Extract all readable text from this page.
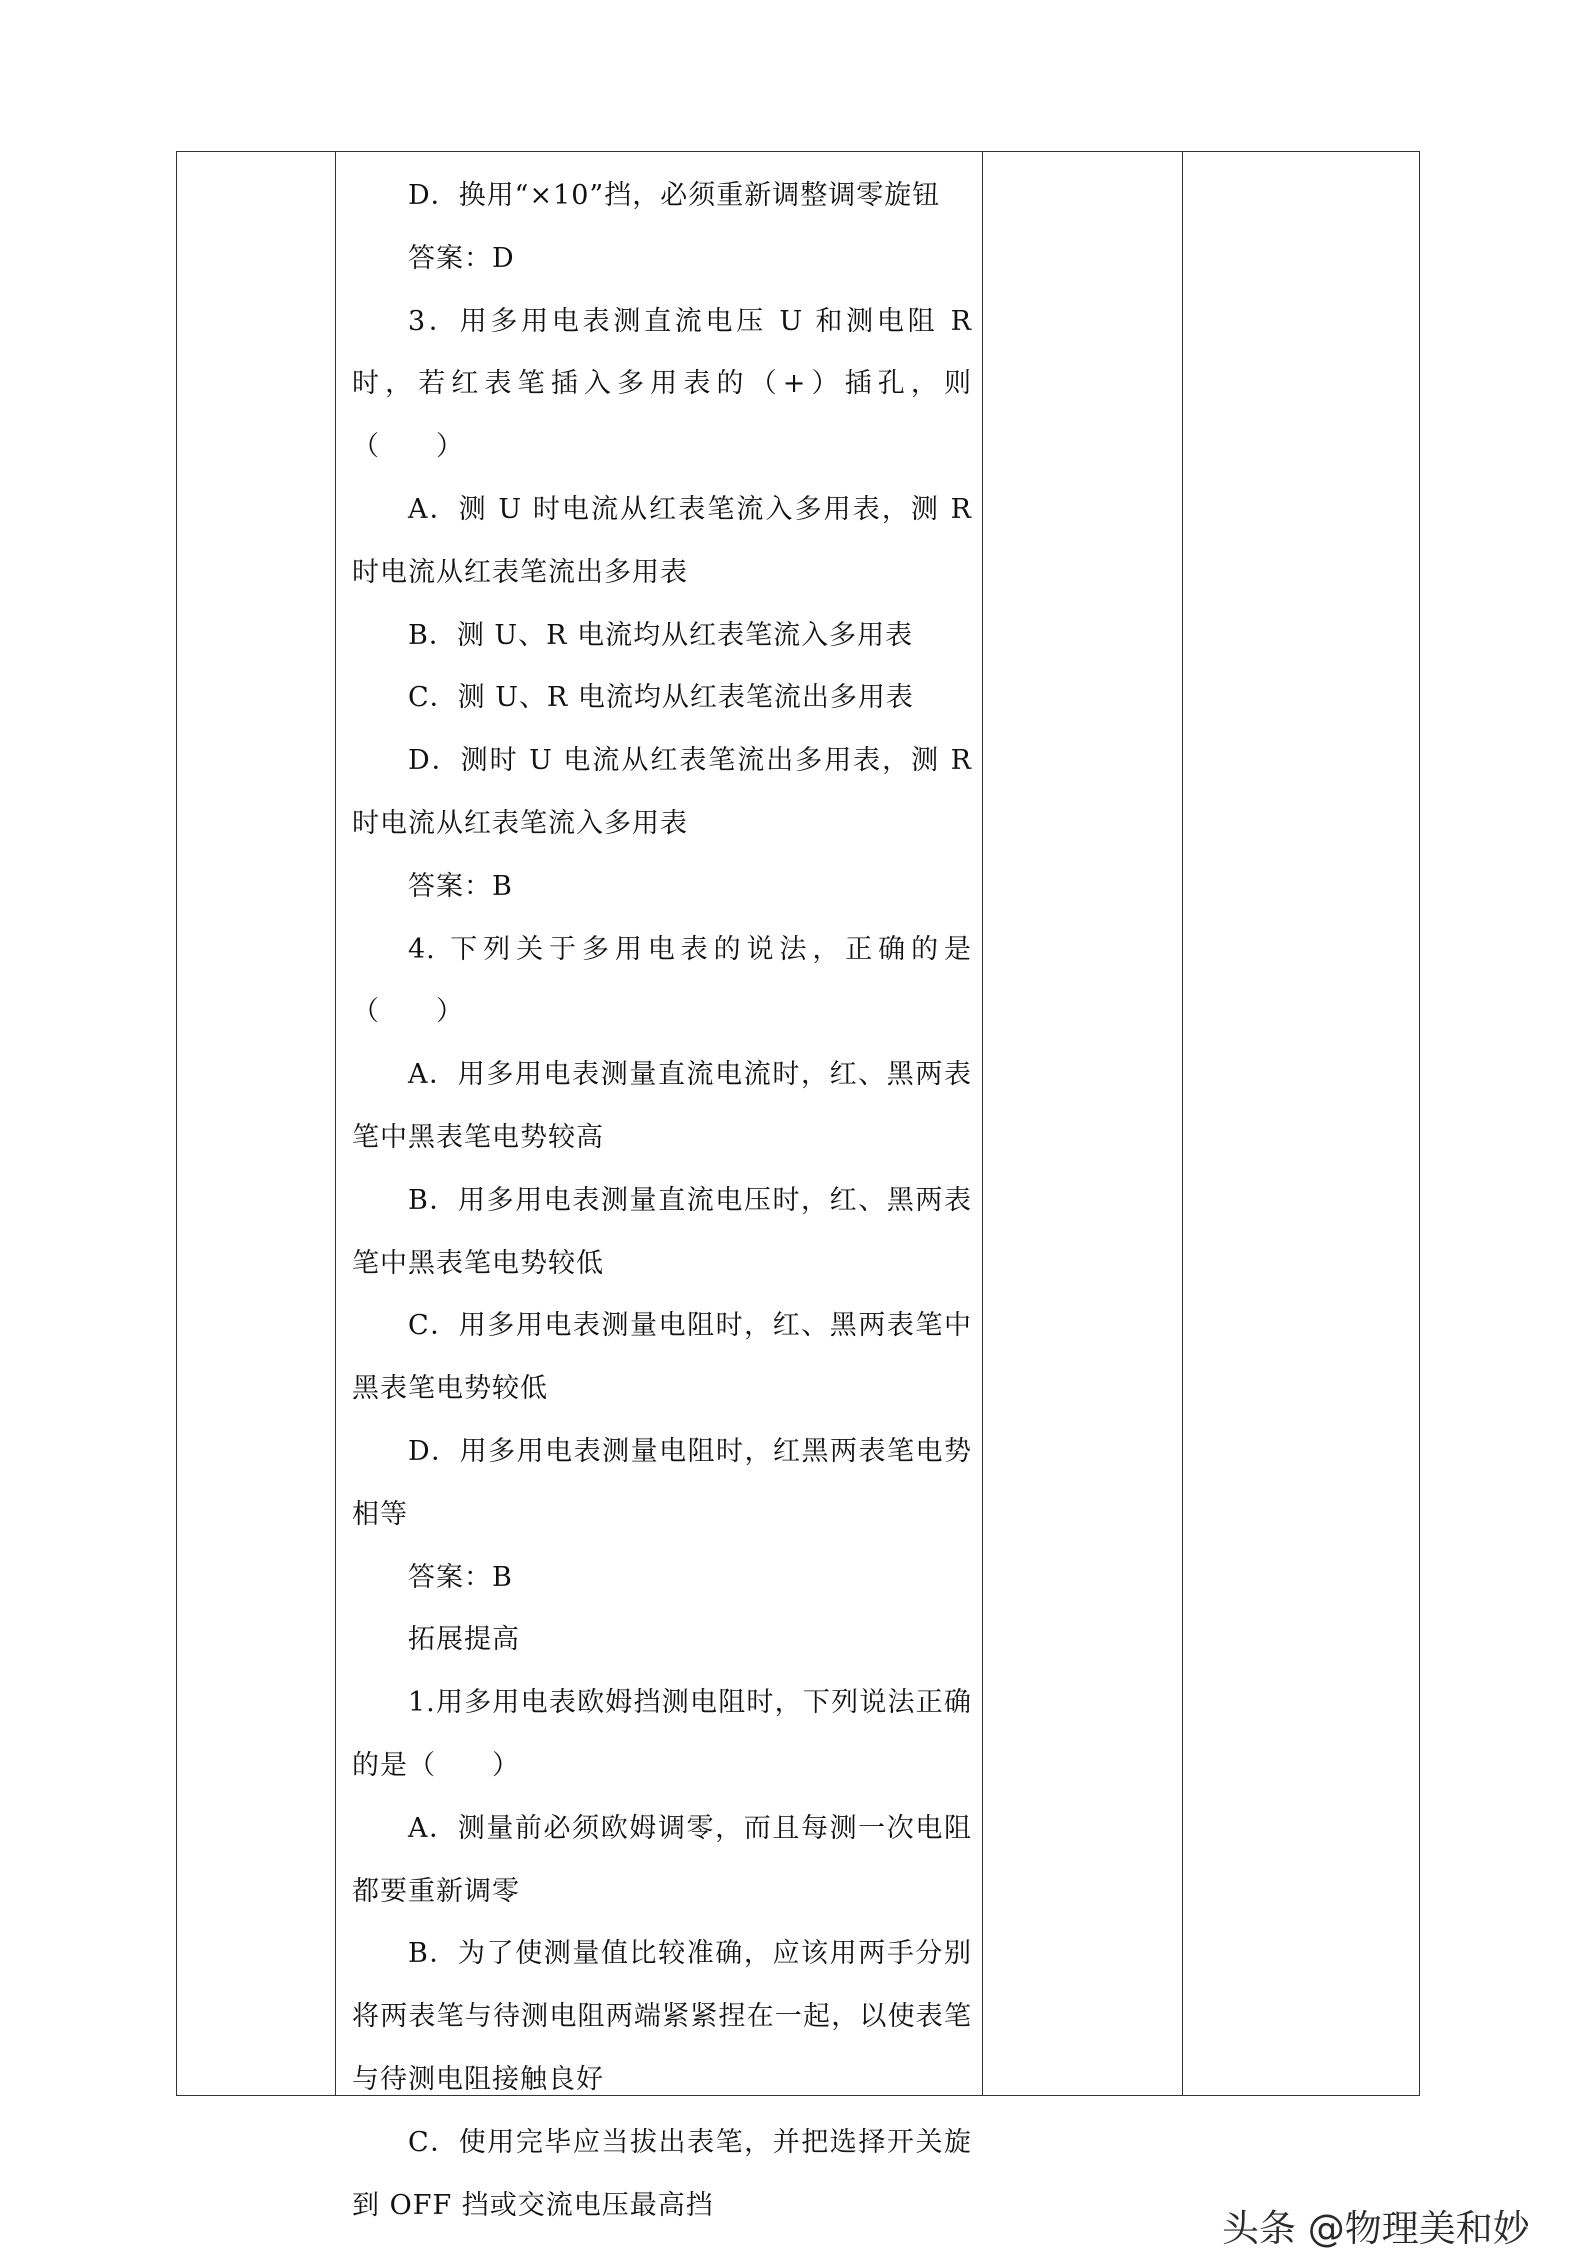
D．换用“×10”挡，必须重新调整调零旋钮

答案：D

3．用多用电表测直流电压 U 和测电阻 R 时，若红表笔插入多用表的（+）插孔，则（　　）

A．测 U 时电流从红表笔流入多用表，测 R 时电流从红表笔流出多用表

B．测 U、R 电流均从红表笔流入多用表

C．测 U、R 电流均从红表笔流出多用表

D．测时 U 电流从红表笔流出多用表，测 R 时电流从红表笔流入多用表

答案：B

4. 下列关于多用电表的说法，正确的是（　　）

A．用多用电表测量直流电流时，红、黑两表笔中黑表笔电势较高

B．用多用电表测量直流电压时，红、黑两表笔中黑表笔电势较低

C．用多用电表测量电阻时，红、黑两表笔中黑表笔电势较低

D．用多用电表测量电阻时，红黑两表笔电势相等

答案：B

拓展提高

1.用多用电表欧姆挡测电阻时，下列说法正确的是（　　）

A．测量前必须欧姆调零，而且每测一次电阻都要重新调零

B．为了使测量值比较准确，应该用两手分别将两表笔与待测电阻两端紧紧捏在一起，以使表笔与待测电阻接触良好

C．使用完毕应当拔出表笔，并把选择开关旋到 OFF 挡或交流电压最高挡

头条 @物理美和妙
